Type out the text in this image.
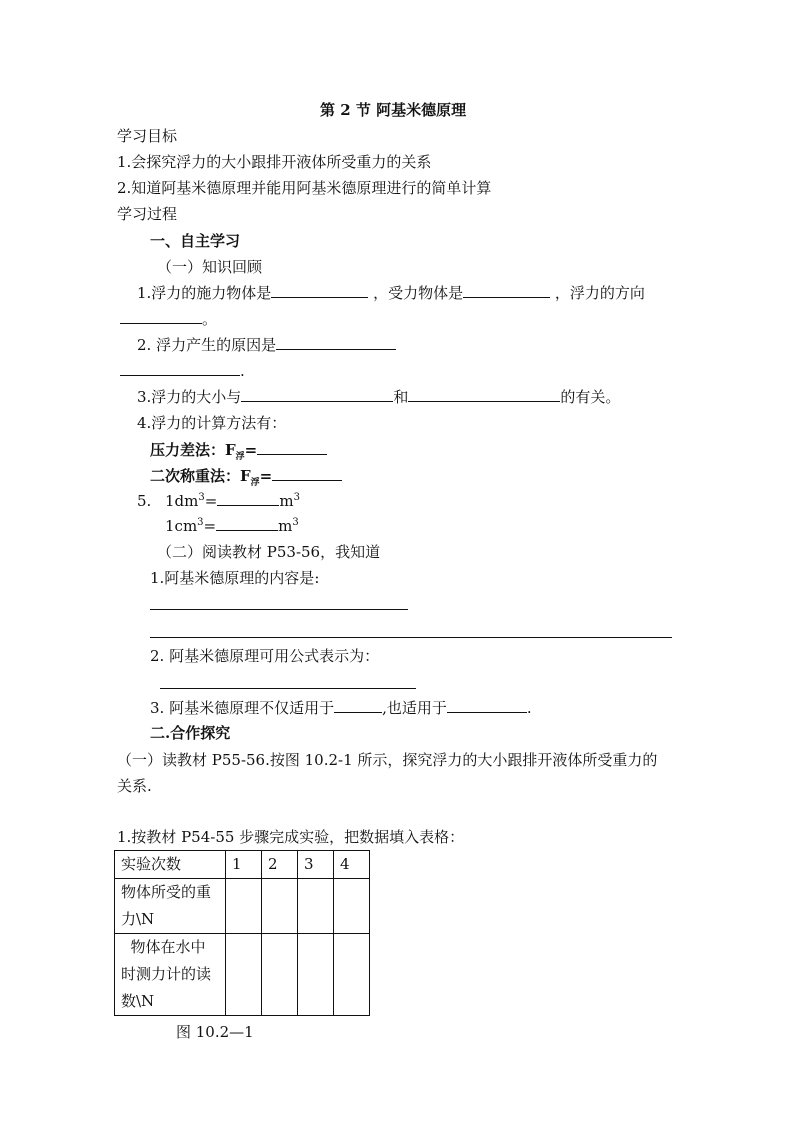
第 2 节 阿基米德原理
学习目标
1.会探究浮力的大小跟排开液体所受重力的关系
2.知道阿基米德原理并能用阿基米德原理进行的简单计算
学习过程
一、自主学习
（一）知识回顾
1.浮力的施力物体是	，受力物体是	，浮力的方向
。
2. 浮力产生的原因是
.
3.浮力的大小与	和	的有关。
4.浮力的计算方法有：
压力差法：$F_浮=$
二次称重法：$F_浮=$
5. $1dm^3=$	$m^3$
$1cm^3=$	$m^3$
（二）阅读教材 P53-56，我知道
1.阿基米德原理的内容是:
2. 阿基米德原理可用公式表示为：
3. 阿基米德原理不仅适用于	,也适用于	.
二.合作探究
（一）读教材 P55-56.按图 10.2-1 所示，探究浮力的大小跟排开液体所受重力的
关系.
1.按教材 P54-55 步骤完成实验，把数据填入表格：
实验次数	1	2	3	4

物体所受的重
力\N				

物体在水中
时测力计的读
数\N				

图 10.2—1
